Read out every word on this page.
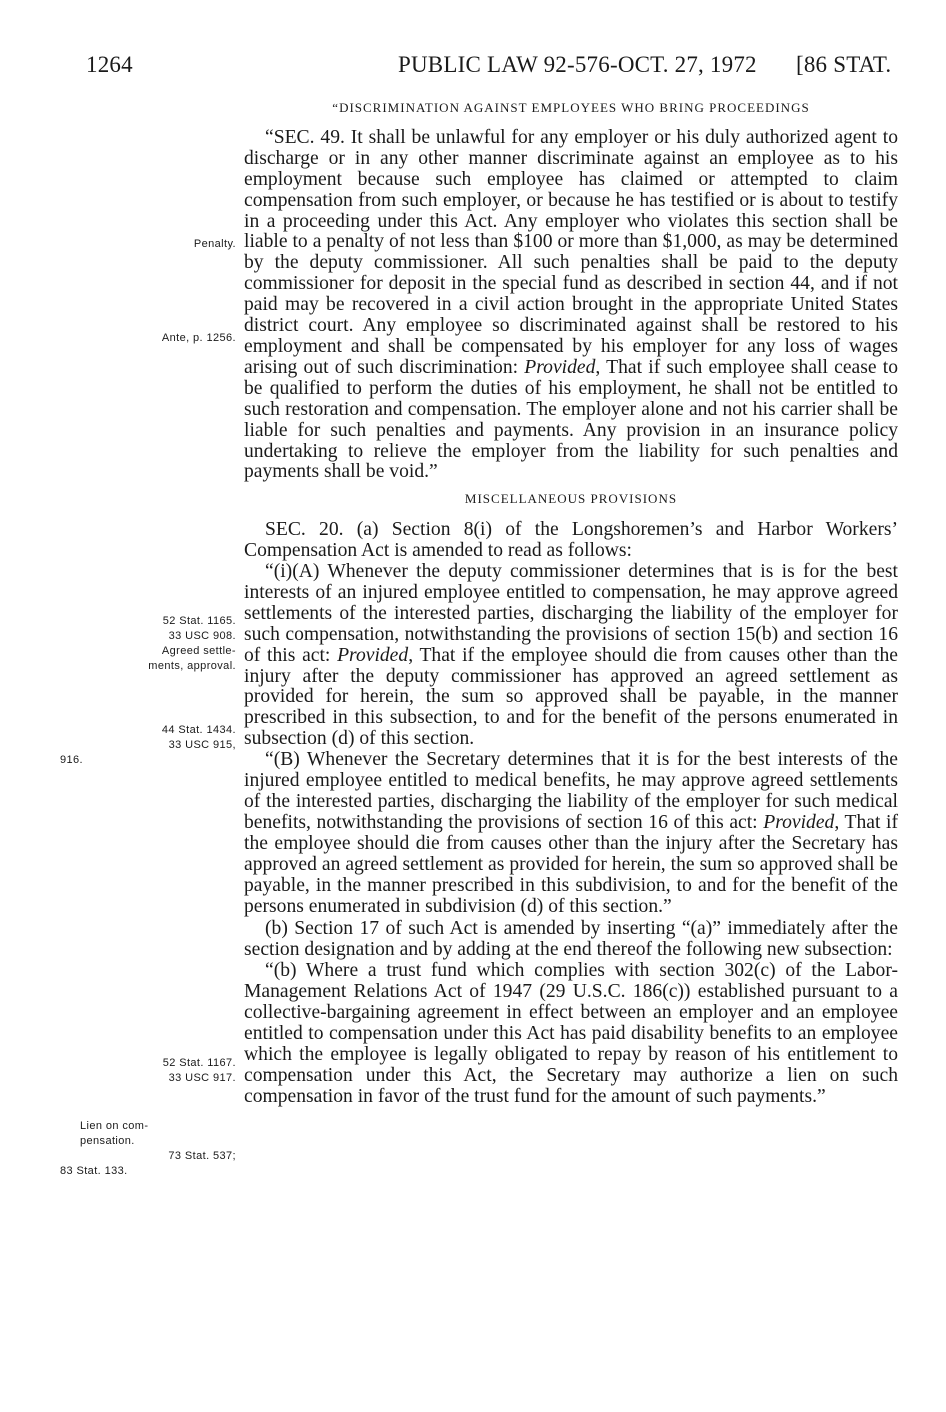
1264	PUBLIC LAW 92-576-OCT. 27, 1972 [86 STAT.
Penalty.
Ante, p. 1256.
52 Stat. 1165.
33 USC 908.
Agreed settle-
ments, approval.
44 Stat. 1434.
33 USC 915,
916.
52 Stat. 1167.
33 USC 917.
Lien on com-
pensation.
73 Stat. 537;
83 Stat. 133.
“DISCRIMINATION AGAINST EMPLOYEES WHO BRING PROCEEDINGS

“SEC. 49. It shall be unlawful for any employer or his duly authorized agent to discharge or in any other manner discriminate against an employee as to his employment because such employee has claimed or attempted to claim compensation from such employer, or because he has testified or is about to testify in a proceeding under this Act. Any employer who violates this section shall be liable to a penalty of not less than $100 or more than $1,000, as may be determined by the deputy commissioner. All such penalties shall be paid to the deputy commissioner for deposit in the special fund as described in section 44, and if not paid may be recovered in a civil action brought in the appropriate United States district court. Any employee so discriminated against shall be restored to his employment and shall be compensated by his employer for any loss of wages arising out of such discrimination: Provided, That if such employee shall cease to be qualified to perform the duties of his employment, he shall not be entitled to such restoration and compensation. The employer alone and not his carrier shall be liable for such penalties and payments. Any provision in an insurance policy undertaking to relieve the employer from the liability for such penalties and payments shall be void.”

MISCELLANEOUS PROVISIONS

SEC. 20. (a) Section 8(i) of the Longshoremen’s and Harbor Workers’ Compensation Act is amended to read as follows:

“(i)(A) Whenever the deputy commissioner determines that is is for the best interests of an injured employee entitled to compensation, he may approve agreed settlements of the interested parties, discharging the liability of the employer for such compensation, notwithstanding the provisions of section 15(b) and section 16 of this act: Provided, That if the employee should die from causes other than the injury after the deputy commissioner has approved an agreed settlement as provided for herein, the sum so approved shall be payable, in the manner prescribed in this subsection, to and for the benefit of the persons enumerated in subsection (d) of this section.

“(B) Whenever the Secretary determines that it is for the best interests of the injured employee entitled to medical benefits, he may approve agreed settlements of the interested parties, discharging the liability of the employer for such medical benefits, notwithstanding the provisions of section 16 of this act: Provided, That if the employee should die from causes other than the injury after the Secretary has approved an agreed settlement as provided for herein, the sum so approved shall be payable, in the manner prescribed in this subdivision, to and for the benefit of the persons enumerated in subdivision (d) of this section.”

(b) Section 17 of such Act is amended by inserting “(a)” immediately after the section designation and by adding at the end thereof the following new subsection:

“(b) Where a trust fund which complies with section 302(c) of the Labor-Management Relations Act of 1947 (29 U.S.C. 186(c)) established pursuant to a collective-bargaining agreement in effect between an employer and an employee entitled to compensation under this Act has paid disability benefits to an employee which the employee is legally obligated to repay by reason of his entitlement to compensation under this Act, the Secretary may authorize a lien on such compensation in favor of the trust fund for the amount of such payments.”
